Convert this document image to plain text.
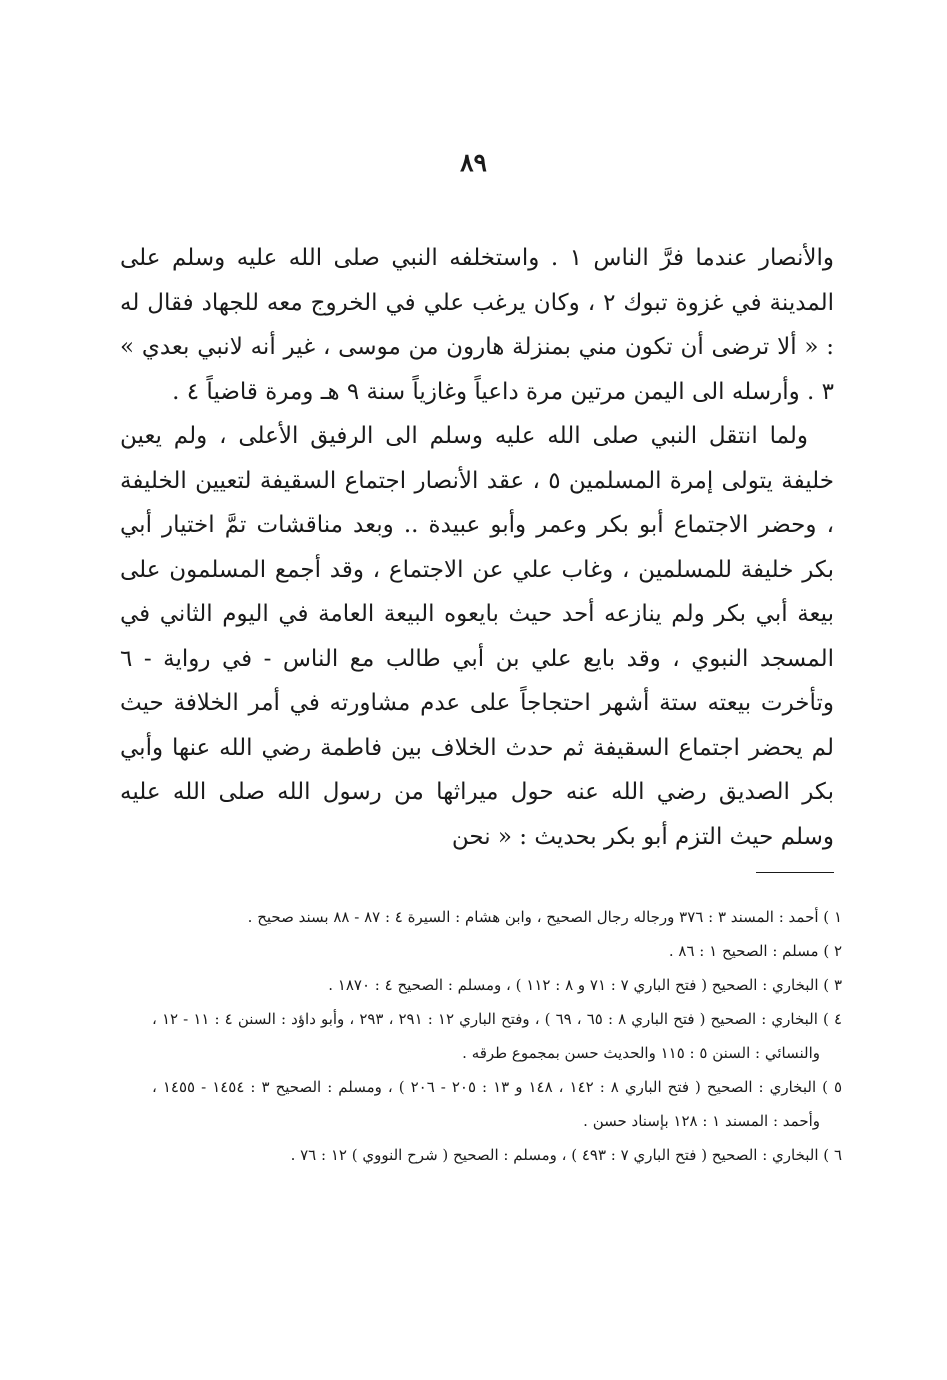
٨٩

والأنصار عندما فرَّ الناس ١ . واستخلفه النبي صلى الله عليه وسلم على المدينة في غزوة تبوك ٢ ، وكان يرغب علي في الخروج معه للجهاد فقال له : « ألا ترضى أن تكون مني بمنزلة هارون من موسى ، غير أنه لانبي بعدي » ٣ . وأرسله الى اليمن مرتين مرة داعياً وغازياً سنة ٩ هـ ومرة قاضياً ٤ .

ولما انتقل النبي صلى الله عليه وسلم الى الرفيق الأعلى ، ولم يعين خليفة يتولى إمرة المسلمين ٥ ، عقد الأنصار اجتماع السقيفة لتعيين الخليفة ، وحضر الاجتماع أبو بكر وعمر وأبو عبيدة .. وبعد مناقشات تمَّ اختيار أبي بكر خليفة للمسلمين ، وغاب علي عن الاجتماع ، وقد أجمع المسلمون على بيعة أبي بكر ولم ينازعه أحد حيث بايعوه البيعة العامة في اليوم الثاني في المسجد النبوي ، وقد بايع علي بن أبي طالب مع الناس - في رواية - ٦ وتأخرت بيعته ستة أشهر احتجاجاً على عدم مشاورته في أمر الخلافة حيث لم يحضر اجتماع السقيفة ثم حدث الخلاف بين فاطمة رضي الله عنها وأبي بكر الصديق رضي الله عنه حول ميراثها من رسول الله صلى الله عليه وسلم حيث التزم أبو بكر بحديث : « نحن

١ ) أحمد : المسند ٣ : ٣٧٦ ورجاله رجال الصحيح ، وابن هشام : السيرة ٤ : ٨٧ - ٨٨ بسند صحيح .

٢ ) مسلم : الصحيح ١ : ٨٦ .

٣ ) البخاري : الصحيح ( فتح الباري ٧ : ٧١ و ٨ : ١١٢ ) ، ومسلم : الصحيح ٤ : ١٨٧٠ .

٤ ) البخاري : الصحيح ( فتح الباري ٨ : ٦٥ ، ٦٩ ) ، وفتح الباري ١٢ : ٢٩١ ، ٢٩٣ ، وأبو داؤد : السنن ٤ : ١١ - ١٢ ، والنسائي : السنن ٥ : ١١٥ والحديث حسن بمجموع طرقه .

٥ ) البخاري : الصحيح ( فتح الباري ٨ : ١٤٢ ، ١٤٨ و ١٣ : ٢٠٥ - ٢٠٦ ) ، ومسلم : الصحيح ٣ : ١٤٥٤ - ١٤٥٥ ، وأحمد : المسند ١ : ١٢٨ بإسناد حسن .

٦ ) البخاري : الصحيح ( فتح الباري ٧ : ٤٩٣ ) ، ومسلم : الصحيح ( شرح النووي ) ١٢ : ٧٦ .
